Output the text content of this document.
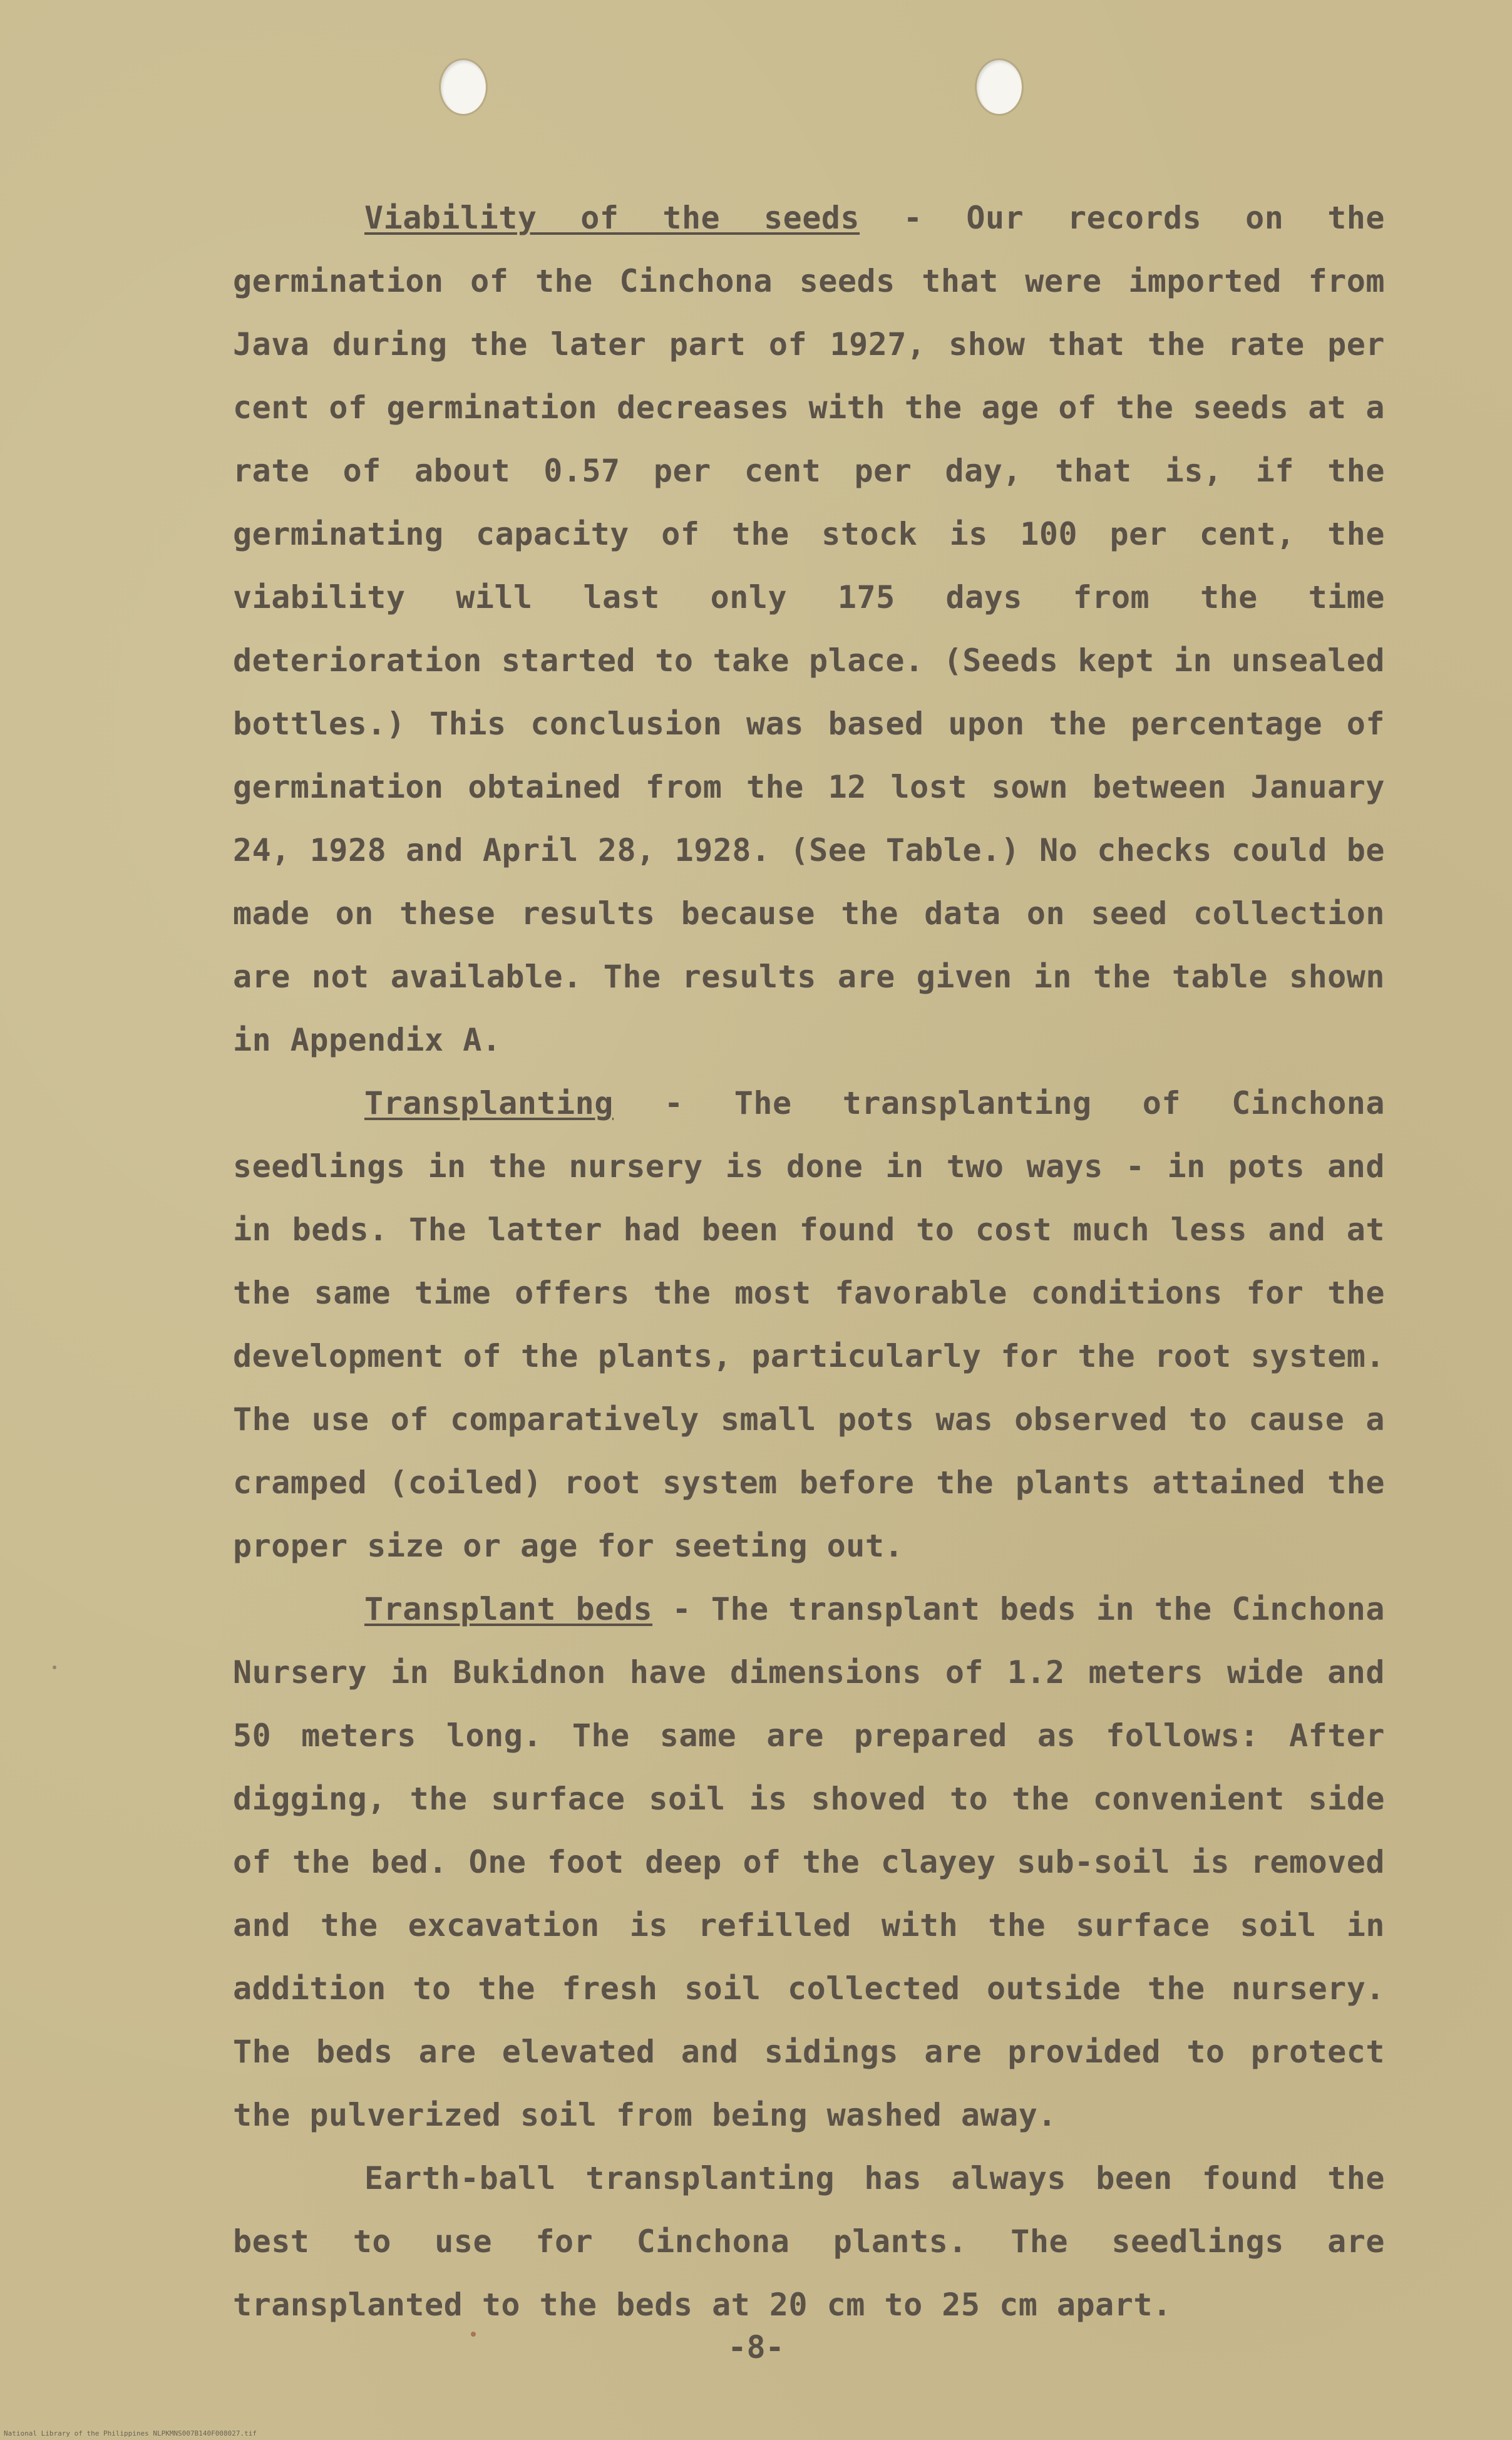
Viability of the seeds - Our records on the germination of the Cinchona seeds that were imported from Java during the later part of 1927, show that the rate per cent of germination decreases with the age of the seeds at a rate of about 0.57 per cent per day, that is, if the germinating capacity of the stock is 100 per cent, the viability will last only 175 days from the time deterioration started to take place. (Seeds kept in unsealed bottles.) This conclusion was based upon the percentage of germination obtained from the 12 lost sown between January 24, 1928 and April 28, 1928. (See Table.) No checks could be made on these results because the data on seed collection are not available. The results are given in the table shown in Appendix A.

Transplanting - The transplanting of Cinchona seedlings in the nursery is done in two ways - in pots and in beds. The latter had been found to cost much less and at the same time offers the most favorable conditions for the development of the plants, particularly for the root system. The use of comparatively small pots was observed to cause a cramped (coiled) root system before the plants attained the proper size or age for seeting out.

Transplant beds - The transplant beds in the Cinchona Nursery in Bukidnon have dimensions of 1.2 meters wide and 50 meters long. The same are prepared as follows: After digging, the surface soil is shoved to the convenient side of the bed. One foot deep of the clayey sub-soil is removed and the excavation is refilled with the surface soil in addition to the fresh soil collected outside the nursery. The beds are elevated and sidings are provided to protect the pulverized soil from being washed away.

Earth-ball transplanting has always been found the best to use for Cinchona plants. The seedlings are transplanted to the beds at 20 cm to 25 cm apart.

-8-
National Library of the Philippines NLPKMNS007B140F008027.tif
